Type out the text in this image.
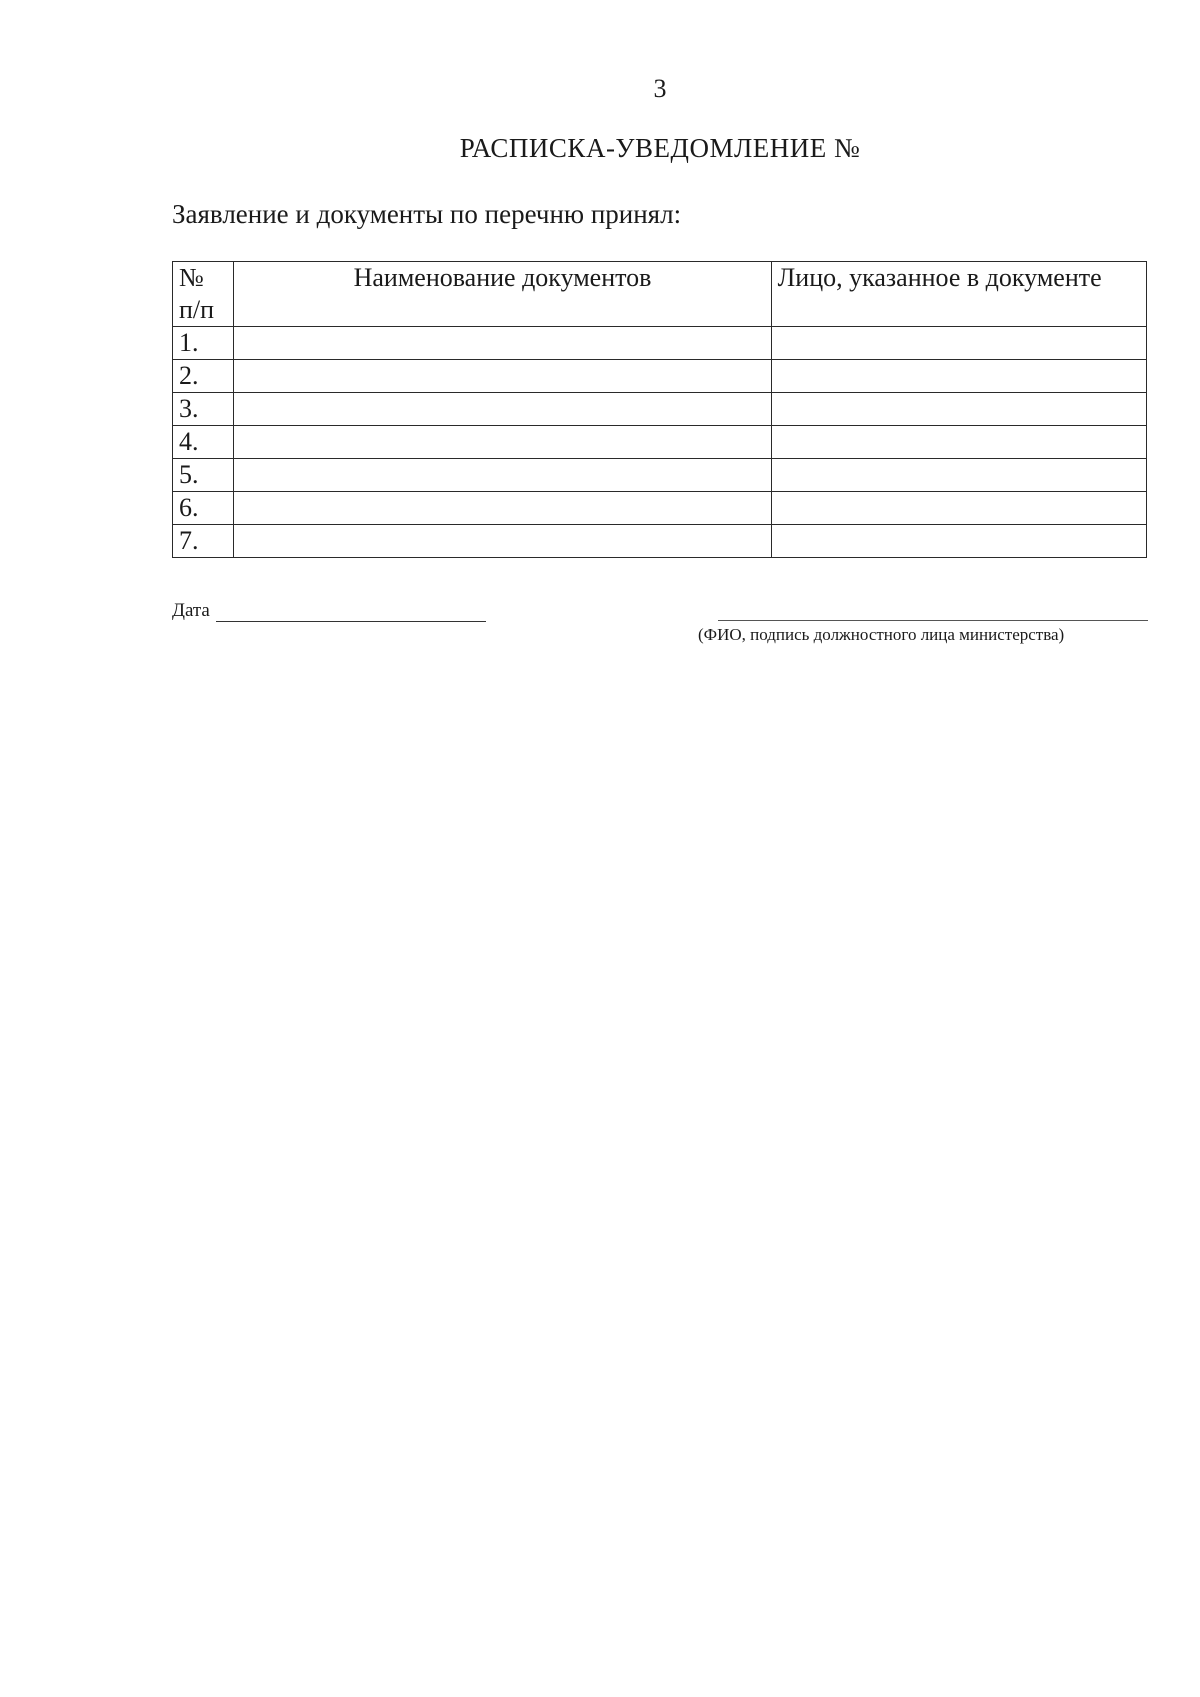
3
РАСПИСКА-УВЕДОМЛЕНИЕ №
Заявление и документы по перечню принял:
№
п/п	Наименование документов	Лицо, указанное в документе

1.		
2.		
3.		
4.		
5.		
6.		
7.		
Дата
(ФИО, подпись должностного лица министерства)
